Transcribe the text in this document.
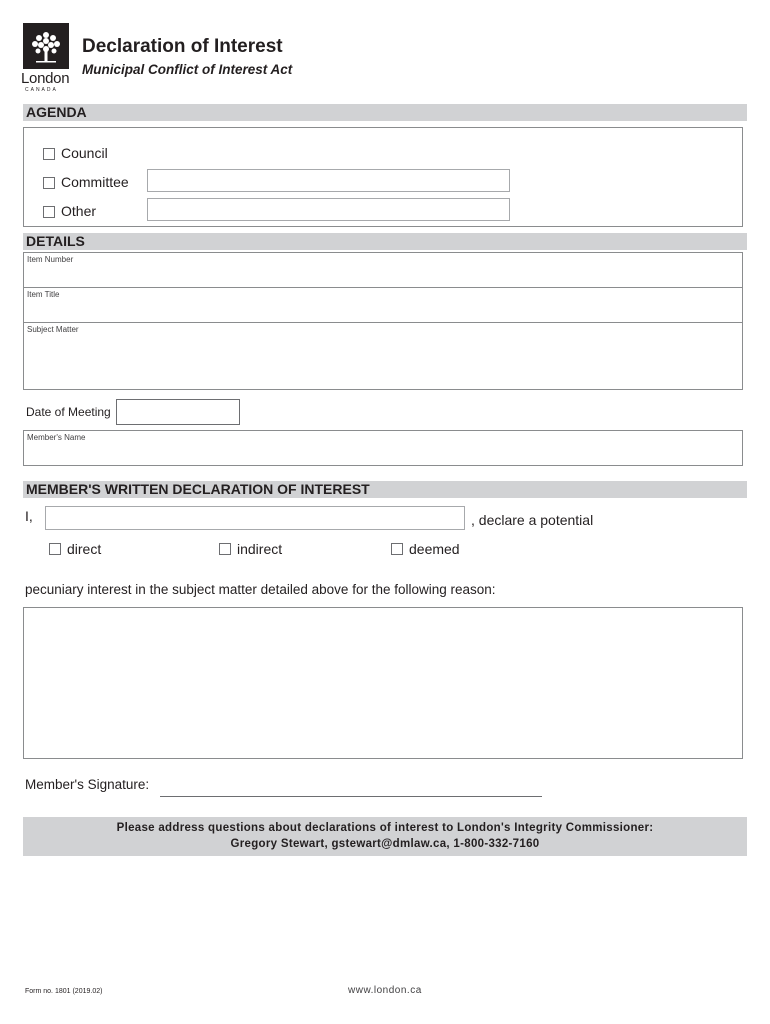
London
CANADA
Declaration of Interest
Municipal Conflict of Interest Act
AGENDA
Council
Committee
Other
DETAILS
Item Number
Item Title
Subject Matter
Date of Meeting
Member's Name
MEMBER'S WRITTEN DECLARATION OF INTEREST
I,	, declare a potential
direct	indirect	deemed
pecuniary interest in the subject matter detailed above for the following reason:
Member's Signature:
Please address questions about declarations of interest to London's Integrity Commissioner:
Gregory Stewart, gstewart@dmlaw.ca, 1-800-332-7160
Form no. 1801 (2019.02)	www.london.ca
